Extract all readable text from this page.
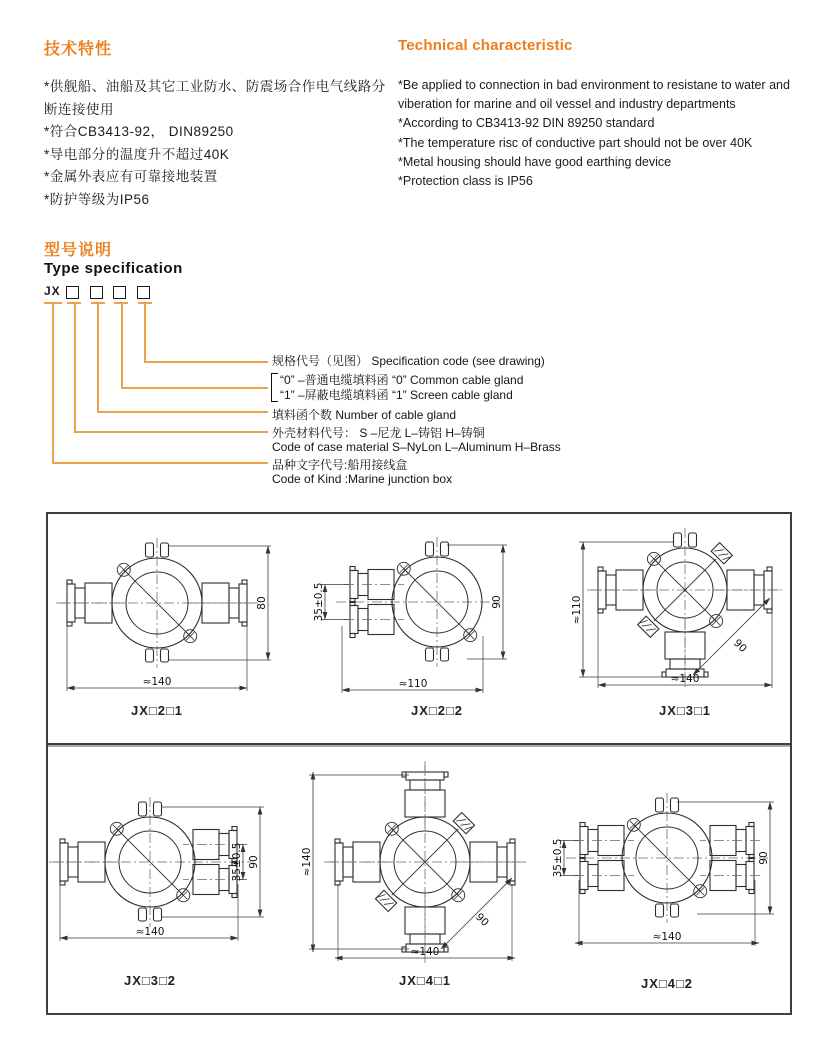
技术特性	Technical characteristic
*供舰船、油船及其它工业防水、防震场合作电气线路分断连接使用
*符合CB3413-92， DIN89250
*导电部分的温度升不超过40K
*金属外表应有可靠接地装置
*防护等级为IP56
*Be applied to connection in bad environment to resistane to water and viberation for marine and oil vessel and industry departments
*According to CB3413-92 DIN 89250 standard
*The temperature risc of conductive part should not be over 40K
*Metal housing should have good earthing device
*Protection class is IP56
型号说明
Type specification
JX
规格代号（见图） Specification code (see drawing)
“0” –普通电缆填料函 “0” Common cable gland
“1” –屏蔽电缆填料函 “1” Screen cable gland
填料函个数 Number of cable gland
外壳材料代号： S –尼龙 L–铸铝 H–铸铜
Code of case material S–NyLon L–Aluminum H–Brass
品种文字代号:船用接线盒
Code of Kind :Marine junction box
≈140
80	35±0.5	90
≈110
≈110
≈140
90
35±0.5 90
≈140
≈140
≈140
90
35±0.5	90
≈140
JX□2□1	JX□2□2	JX□3□1
JX□3□2	JX□4□1	JX□4□2
